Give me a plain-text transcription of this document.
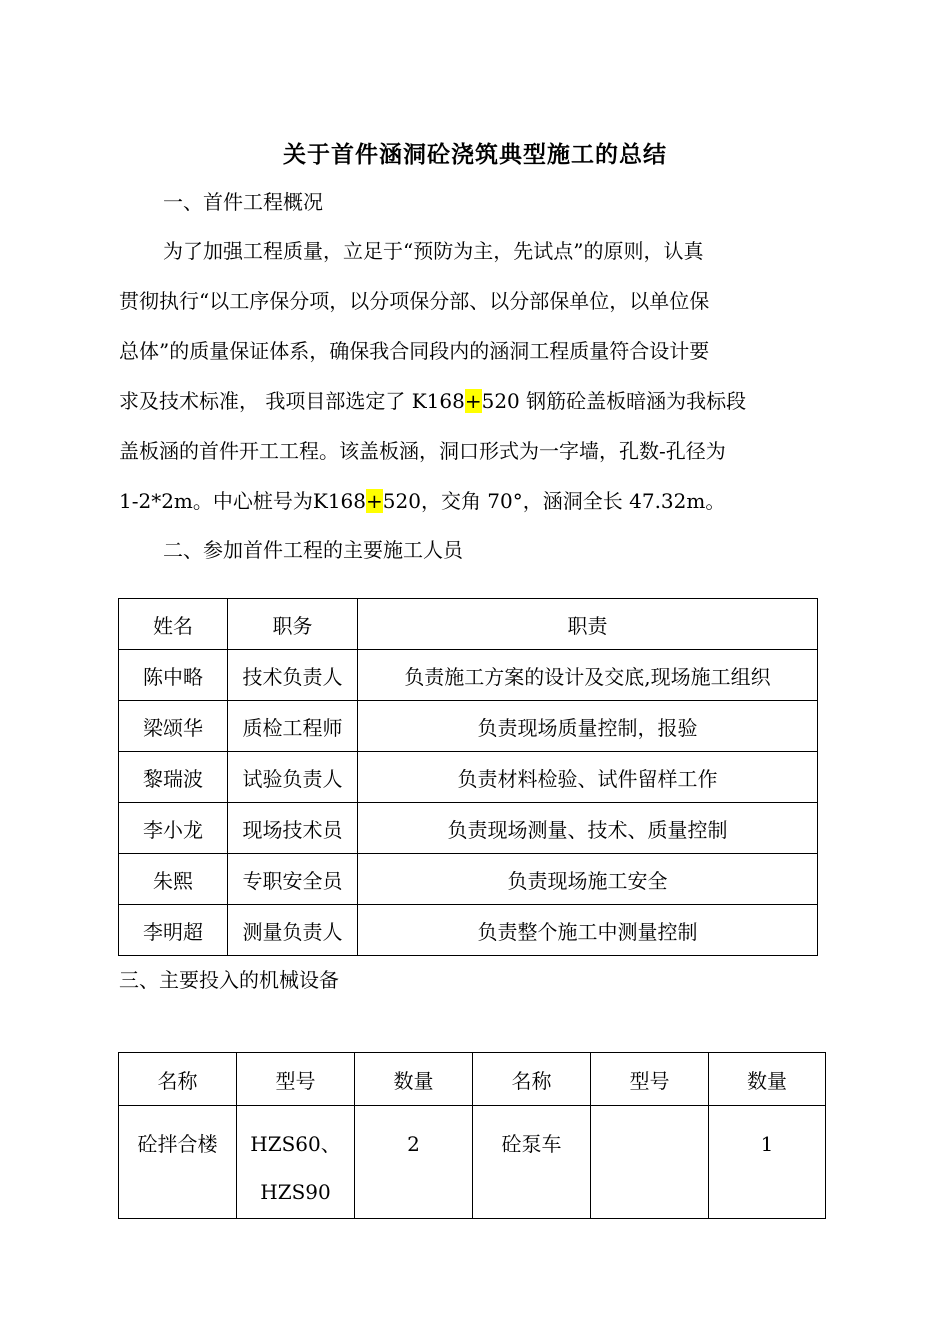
关于首件涵洞砼浇筑典型施工的总结
一、首件工程概况
为了加强工程质量，立足于“预防为主，先试点”的原则，认真
贯彻执行“以工序保分项，以分项保分部、以分部保单位，以单位保
总体”的质量保证体系，确保我合同段内的涵洞工程质量符合设计要
求及技术标准， 我项目部选定了 K168+520 钢筋砼盖板暗涵为我标段
盖板涵的首件开工工程。该盖板涵，洞口形式为一字墙，孔数-孔径为
1-2*2m。中心桩号为K168+520，交角 70°，涵洞全长 47.32m。
二、参加首件工程的主要施工人员
姓名	职务	职责
陈中略	技术负责人	负责施工方案的设计及交底,现场施工组织
梁颂华	质检工程师	负责现场质量控制，报验
黎瑞波	试验负责人	负责材料检验、试件留样工作
李小龙	现场技术员	负责现场测量、技术、质量控制
朱熙	专职安全员	负责现场施工安全
李明超	测量负责人	负责整个施工中测量控制
三、主要投入的机械设备
名称	型号	数量	名称	型号	数量
砼拌合楼	HZS60、HZS90	2	砼泵车		1
